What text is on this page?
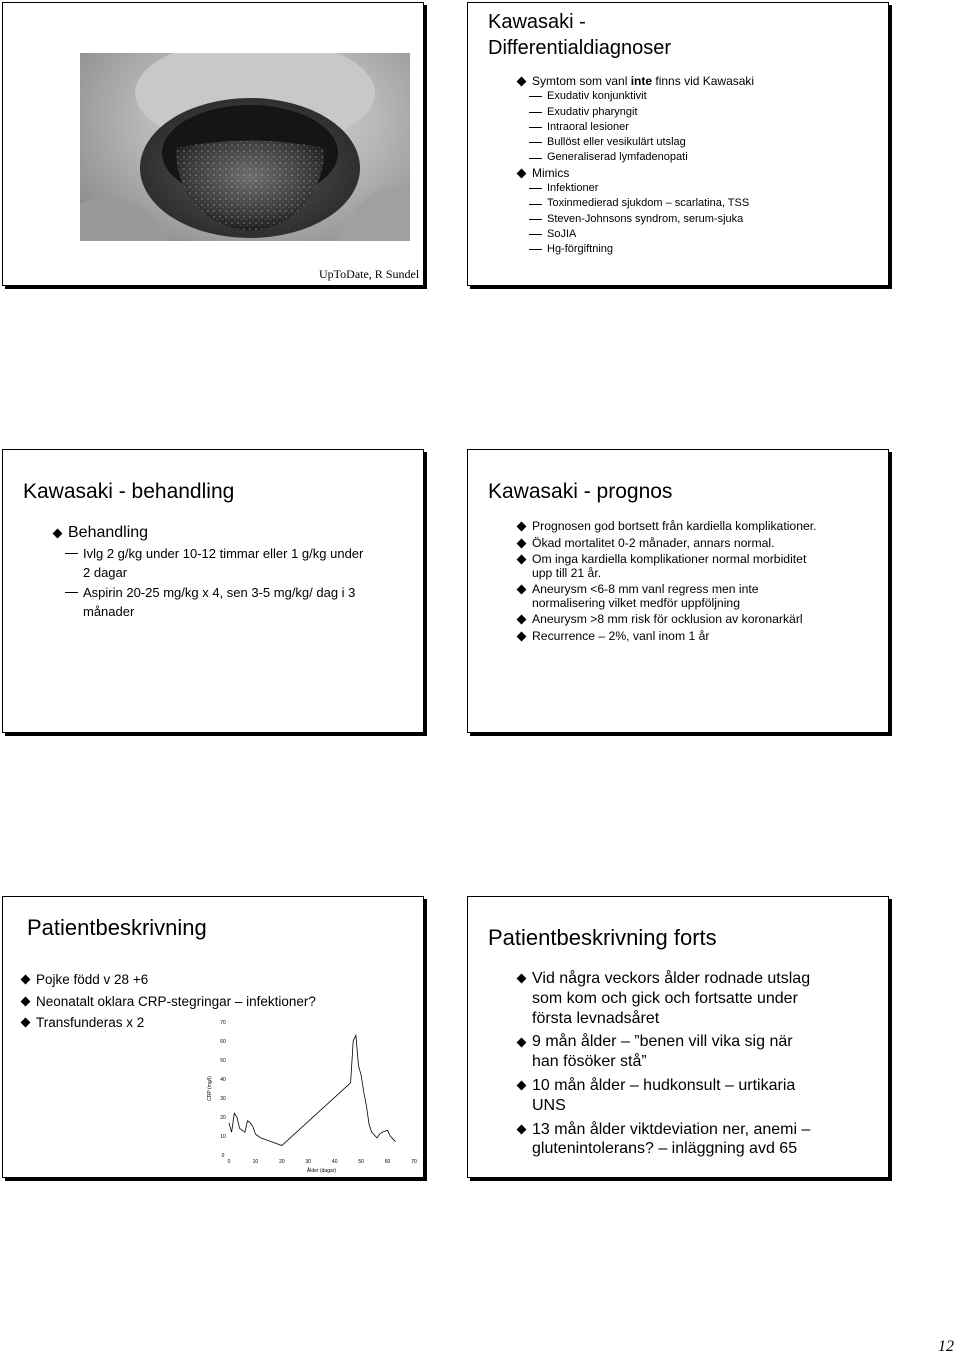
UpToDate, R Sundel
Kawasaki - Differentialdiagnoser
Symtom som vanl inte finns vid Kawasaki
Exudativ konjunktivit
Exudativ pharyngit
Intraoral lesioner
Bullöst eller vesikulärt utslag
Generaliserad lymfadenopati
Mimics
Infektioner
Toxinmedierad sjukdom – scarlatina, TSS
Steven-Johnsons syndrom, serum-sjuka
SoJIA
Hg-förgiftning
Kawasaki - behandling
Behandling
Ivlg 2 g/kg under 10-12 timmar eller 1 g/kg under 2 dagar
Aspirin 20-25 mg/kg x 4, sen 3-5 mg/kg/ dag i 3 månader
Kawasaki - prognos
Prognosen god bortsett från kardiella komplikationer.
Ökad mortalitet 0-2 månader, annars normal.
Om inga kardiella komplikationer normal morbiditet upp till 21 år.
Aneurysm <6-8 mm vanl regress men inte normalisering vilket medför uppföljning
Aneurysm >8 mm risk för ocklusion av koronarkärl
Recurrence – 2%, vanl inom 1 år
Patientbeskrivning
Pojke född v 28 +6
Neonatalt oklara CRP-stegringar – infektioner?
Transfunderas x 2
0	10	20	30	40	50	60	70
0
10
20
30
40
50
60
70
Ålder (dagar)
CRP (mg/l)
Patientbeskrivning forts
Vid några veckors ålder rodnade utslag som kom och gick och fortsatte under första levnadsåret
9 mån ålder – ”benen vill vika sig när han fösöker stå”
10 mån ålder – hudkonsult – urtikaria UNS
13 mån ålder viktdeviation ner, anemi – glutenintolerans? – inläggning avd 65
12
